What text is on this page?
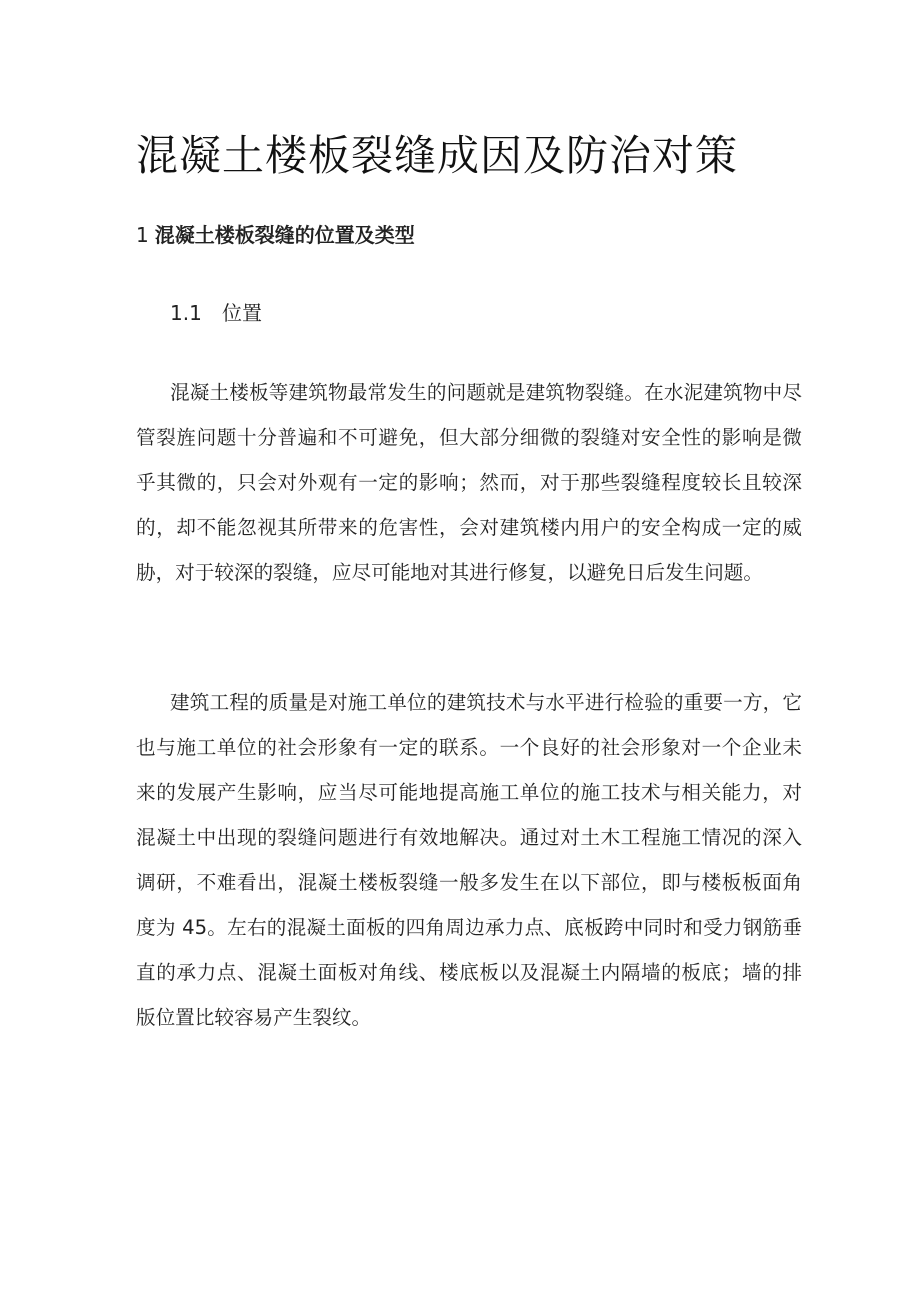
混凝土楼板裂缝成因及防治对策
1 混凝土楼板裂缝的位置及类型
1.1 位置

混凝土楼板等建筑物最常发生的问题就是建筑物裂缝。在水泥建筑物中尽管裂旌问题十分普遍和不可避免，但大部分细微的裂缝对安全性的影响是微乎其微的，只会对外观有一定的影响；然而，对于那些裂缝程度较长且较深的，却不能忽视其所带来的危害性，会对建筑楼内用户的安全构成一定的威胁，对于较深的裂缝，应尽可能地对其进行修复，以避免日后发生问题。

建筑工程的质量是对施工单位的建筑技术与水平进行检验的重要一方，它也与施工单位的社会形象有一定的联系。一个良好的社会形象对一个企业未来的发展产生影响，应当尽可能地提高施工单位的施工技术与相关能力，对混凝土中出现的裂缝问题进行有效地解决。通过对土木工程施工情况的深入调研，不难看出，混凝土楼板裂缝一般多发生在以下部位，即与楼板板面角度为 45。左右的混凝土面板的四角周边承力点、底板跨中同时和受力钢筋垂直的承力点、混凝土面板对角线、楼底板以及混凝土内隔墙的板底；墙的排版位置比较容易产生裂纹。
